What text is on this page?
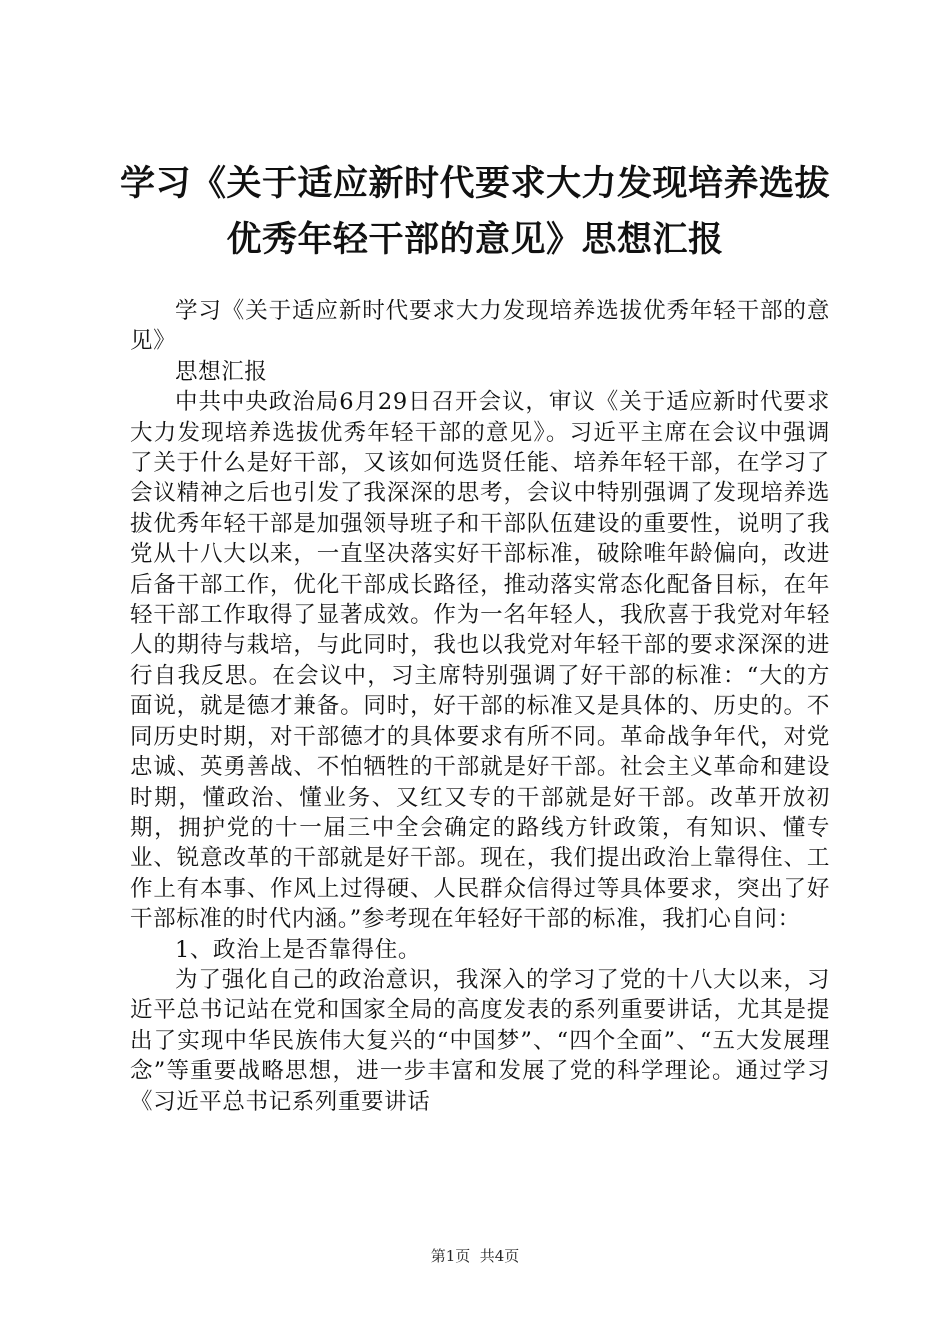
学习《关于适应新时代要求大力发现培养选拔
优秀年轻干部的意见》思想汇报

学习《关于适应新时代要求大力发现培养选拔优秀年轻干部的意见》

思想汇报

中共中央政治局6月29日召开会议，审议《关于适应新时代要求大力发现培养选拔优秀年轻干部的意见》。习近平主席在会议中强调了关于什么是好干部，又该如何选贤任能、培养年轻干部，在学习了会议精神之后也引发了我深深的思考，会议中特别强调了发现培养选拔优秀年轻干部是加强领导班子和干部队伍建设的重要性，说明了我党从十八大以来，一直坚决落实好干部标准，破除唯年龄偏向，改进后备干部工作，优化干部成长路径，推动落实常态化配备目标，在年轻干部工作取得了显著成效。作为一名年轻人，我欣喜于我党对年轻人的期待与栽培，与此同时，我也以我党对年轻干部的要求深深的进行自我反思。在会议中，习主席特别强调了好干部的标准：“大的方面说，就是德才兼备。同时，好干部的标准又是具体的、历史的。不同历史时期，对干部德才的具体要求有所不同。革命战争年代，对党忠诚、英勇善战、不怕牺牲的干部就是好干部。社会主义革命和建设时期，懂政治、懂业务、又红又专的干部就是好干部。改革开放初期，拥护党的十一届三中全会确定的路线方针政策，有知识、懂专业、锐意改革的干部就是好干部。现在，我们提出政治上靠得住、工作上有本事、作风上过得硬、人民群众信得过等具体要求，突出了好干部标准的时代内涵。”参考现在年轻好干部的标准，我扪心自问：

1、政治上是否靠得住。

为了强化自己的政治意识，我深入的学习了党的十八大以来，习近平总书记站在党和国家全局的高度发表的系列重要讲话，尤其是提出了实现中华民族伟大复兴的“中国梦”、“四个全面”、“五大发展理念”等重要战略思想，进一步丰富和发展了党的科学理论。通过学习《习近平总书记系列重要讲话

第1页  共4页
